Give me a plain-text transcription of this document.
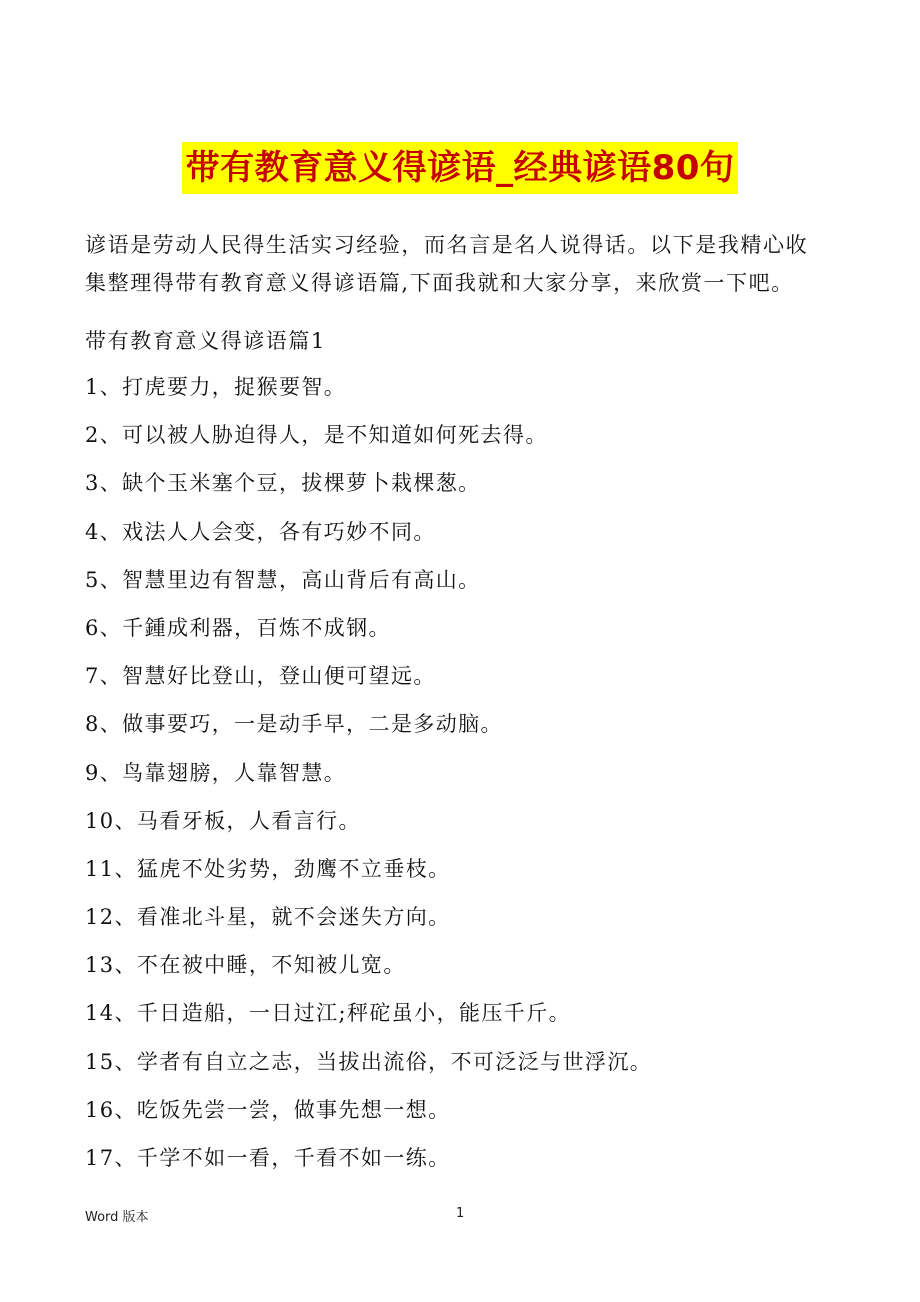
带有教育意义得谚语_经典谚语80句

谚语是劳动人民得生活实习经验，而名言是名人说得话。以下是我精心收

集整理得带有教育意义得谚语篇,下面我就和大家分享，来欣赏一下吧。

带有教育意义得谚语篇1
1、打虎要力，捉猴要智。
2、可以被人胁迫得人，是不知道如何死去得。
3、缺个玉米塞个豆，拔棵萝卜栽棵葱。
4、戏法人人会变，各有巧妙不同。
5、智慧里边有智慧，高山背后有高山。
6、千鍾成利器，百炼不成钢。
7、智慧好比登山，登山便可望远。
8、做事要巧，一是动手早，二是多动脑。
9、鸟靠翅膀，人靠智慧。
10、马看牙板，人看言行。
11、猛虎不处劣势，劲鹰不立垂枝。
12、看准北斗星，就不会迷失方向。
13、不在被中睡，不知被儿宽。
14、千日造船，一日过江;秤砣虽小，能压千斤。
15、学者有自立之志，当拔出流俗，不可泛泛与世浮沉。
16、吃饭先尝一尝，做事先想一想。
17、千学不如一看，千看不如一练。
Word 版本	1
